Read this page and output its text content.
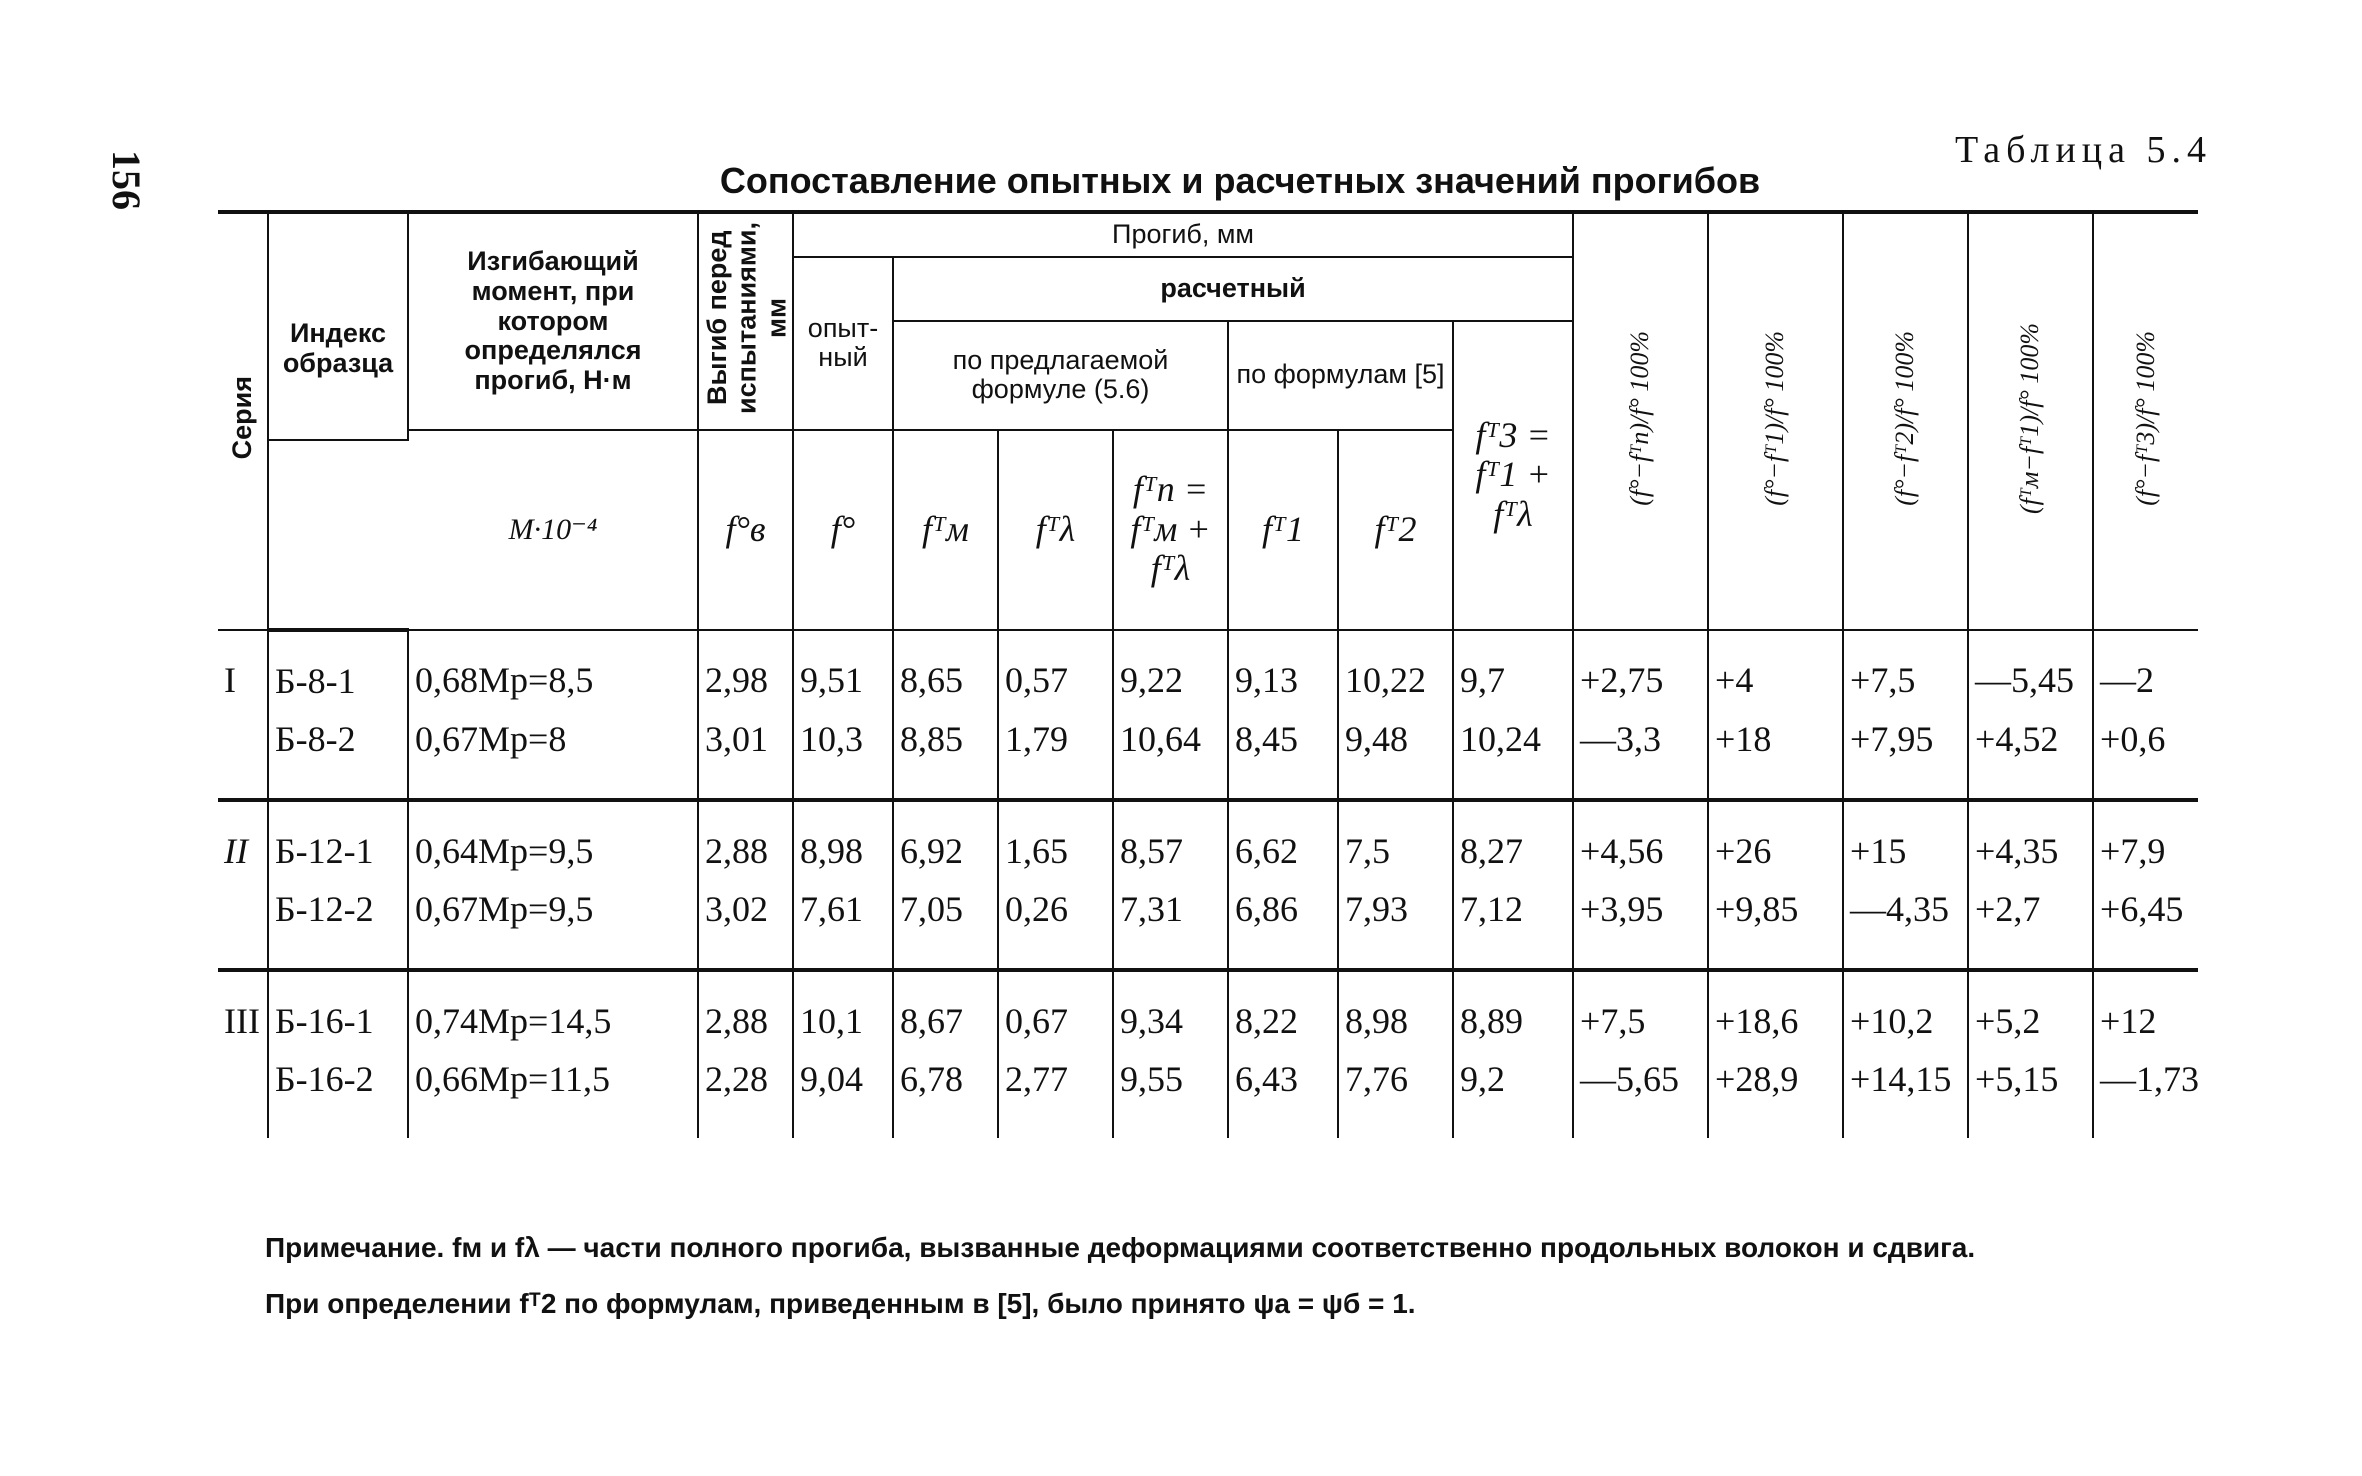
156	Таблица 5.4
Сопоставление опытных и расчетных значений прогибов
Серия	Индекс образца	Изгибающий момент, при котором определялся прогиб, Н·м	Выгиб перед испытаниями, мм	Прогиб, мм							(f°−fᵀп)/f° 100%	(f°−fᵀ1)/f° 100%	(f°−fᵀ2)/f° 100%	(fᵀм−fᵀ1)/f° 100%	(f°−fᵀ3)/f° 100%
				опыт-ный	расчетный										
					по предлагаемой формуле (5.6)			по формулам [5]		fᵀ3 = fᵀ1 + fᵀλ					
		М·10⁻⁴	f°в	f°	fᵀм	fᵀλ	fᵀп = fᵀм + fᵀλ	fᵀ1	fᵀ2						

I	Б-8-1	0,68Mр=8,5	2,98	9,51	8,65	0,57	9,22	9,13	10,22	9,7	+2,75	+4	+7,5	—5,45	—2
	Б-8-2	0,67Mр=8	3,01	10,3	8,85	1,79	10,64	8,45	9,48	10,24	—3,3	+18	+7,95	+4,52	+0,6
II	Б-12-1	0,64Mр=9,5	2,88	8,98	6,92	1,65	8,57	6,62	7,5	8,27	+4,56	+26	+15	+4,35	+7,9
	Б-12-2	0,67Mр=9,5	3,02	7,61	7,05	0,26	7,31	6,86	7,93	7,12	+3,95	+9,85	—4,35	+2,7	+6,45
III	Б-16-1	0,74Mр=14,5	2,88	10,1	8,67	0,67	9,34	8,22	8,98	8,89	+7,5	+18,6	+10,2	+5,2	+12
	Б-16-2	0,66Mр=11,5	2,28	9,04	6,78	2,77	9,55	6,43	7,76	9,2	—5,65	+28,9	+14,15	+5,15	—1,73
Примечание. fм и fλ — части полного прогиба, вызванные деформациями соответственно продольных волокон и сдвига.
При определении fᵀ2 по формулам, приведенным в [5], было принято ψа = ψб = 1.
